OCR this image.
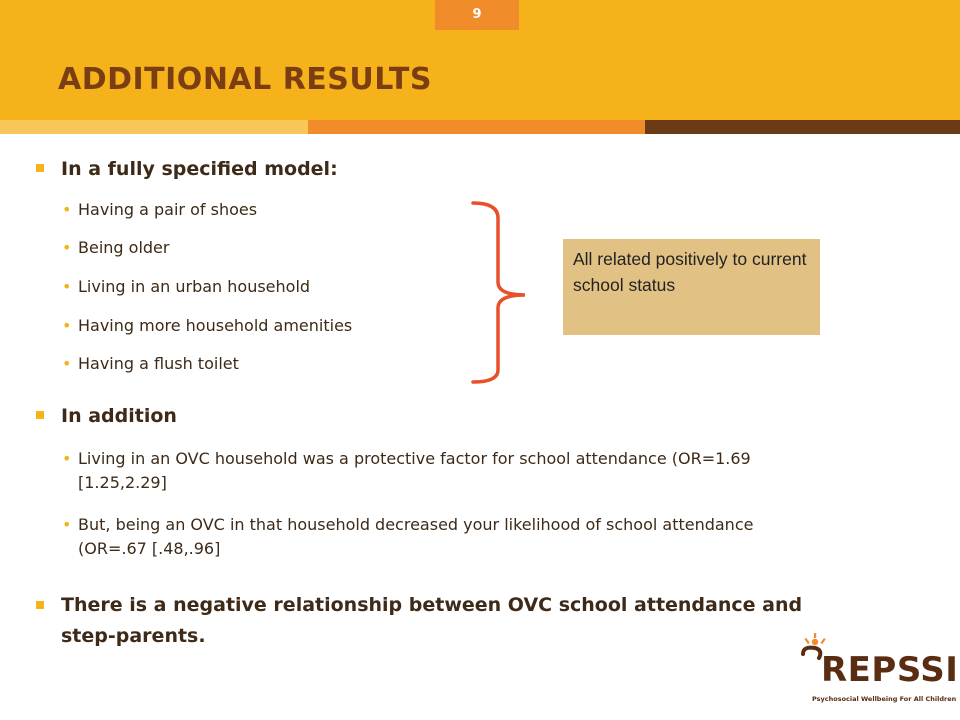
9
ADDITIONAL RESULTS
In a fully specified model:
• Having a pair of shoes
• Being older
• Living in an urban household
• Having more household amenities
• Having a flush toilet
In addition
• Living in an OVC household was a protective factor for school attendance (OR=1.69 [1.25,2.29]
• But, being an OVC in that household decreased your likelihood of school attendance (OR=.67 [.48,.96]
There is a negative relationship between OVC school attendance and step-parents.
All related positively to current school status
REPSSI
Psychosocial Wellbeing For All Children
